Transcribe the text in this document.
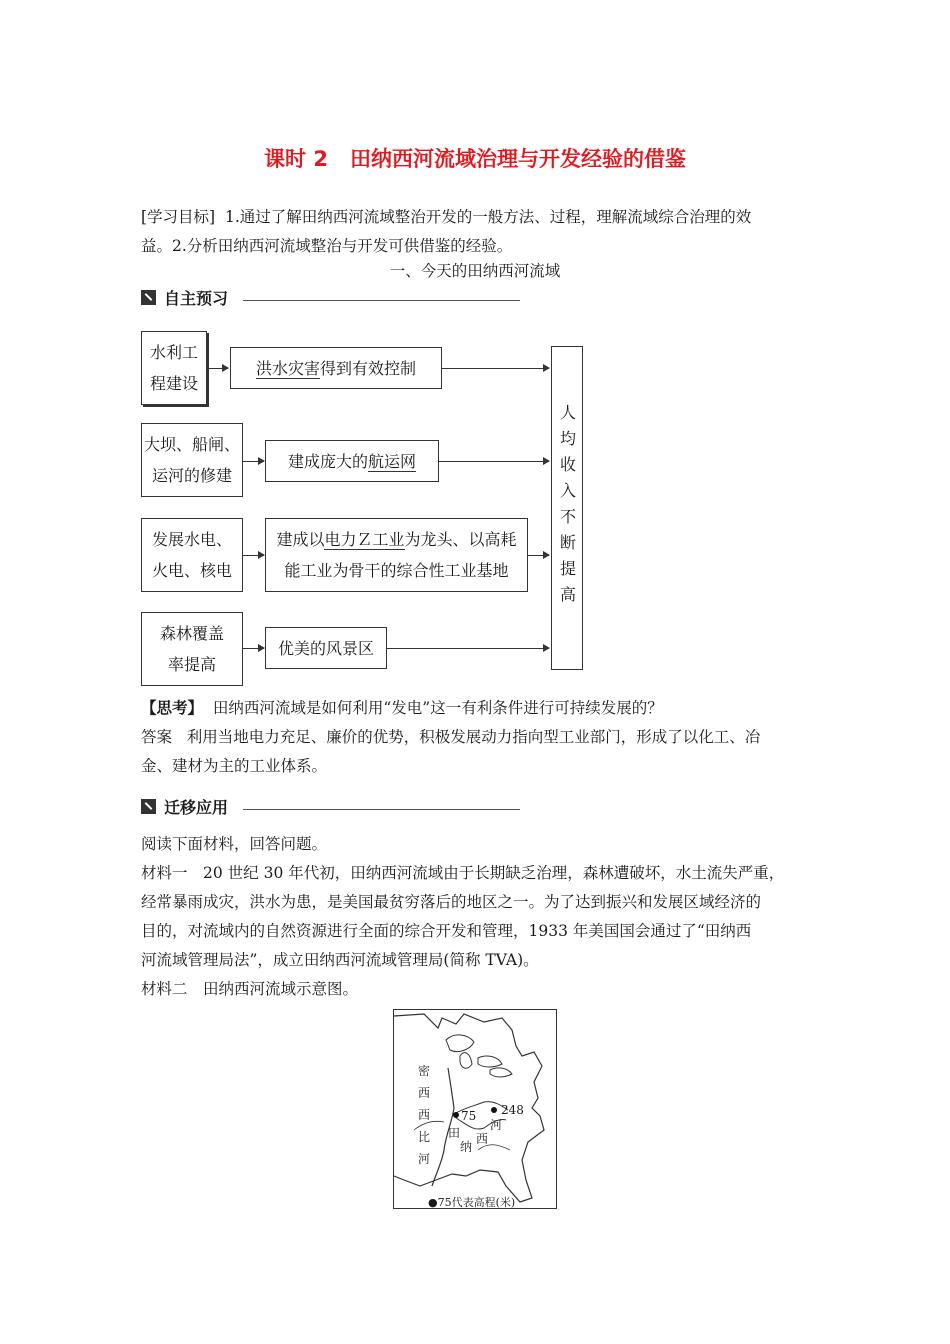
课时 2 田纳西河流域治理与开发经验的借鉴
[学习目标] 1.通过了解田纳西河流域整治开发的一般方法、过程，理解流域综合治理的效
益。2.分析田纳西河流域整治与开发可供借鉴的经验。
一、今天的田纳西河流域
自主预习
水利工
程建设
大坝、船闸、
运河的修建
发展水电、
火电、核电
森林覆盖
率提高
洪水灾害得到有效控制
建成庞大的航运网
建成以电力Ｚ工业为龙头、以高耗
能工业为骨干的综合性工业基地
优美的风景区
人均收入不断提高
【思考】 田纳西河流域是如何利用“发电”这一有利条件进行可持续发展的？
答案 利用当地电力充足、廉价的优势，积极发展动力指向型工业部门，形成了以化工、冶
金、建材为主的工业体系。
迁移应用
阅读下面材料，回答问题。
材料一　20 世纪 30 年代初，田纳西河流域由于长期缺乏治理，森林遭破坏，水土流失严重，
经常暴雨成灾，洪水为患，是美国最贫穷落后的地区之一。为了达到振兴和发展区域经济的
目的，对流域内的自然资源进行全面的综合开发和管理，1933 年美国国会通过了“田纳西
河流域管理局法”，成立田纳西河流域管理局(简称 TVA)。
材料二　田纳西河流域示意图。
密
西
西
比
河
75 248
田
纳
西
河
●75代表高程(米)
